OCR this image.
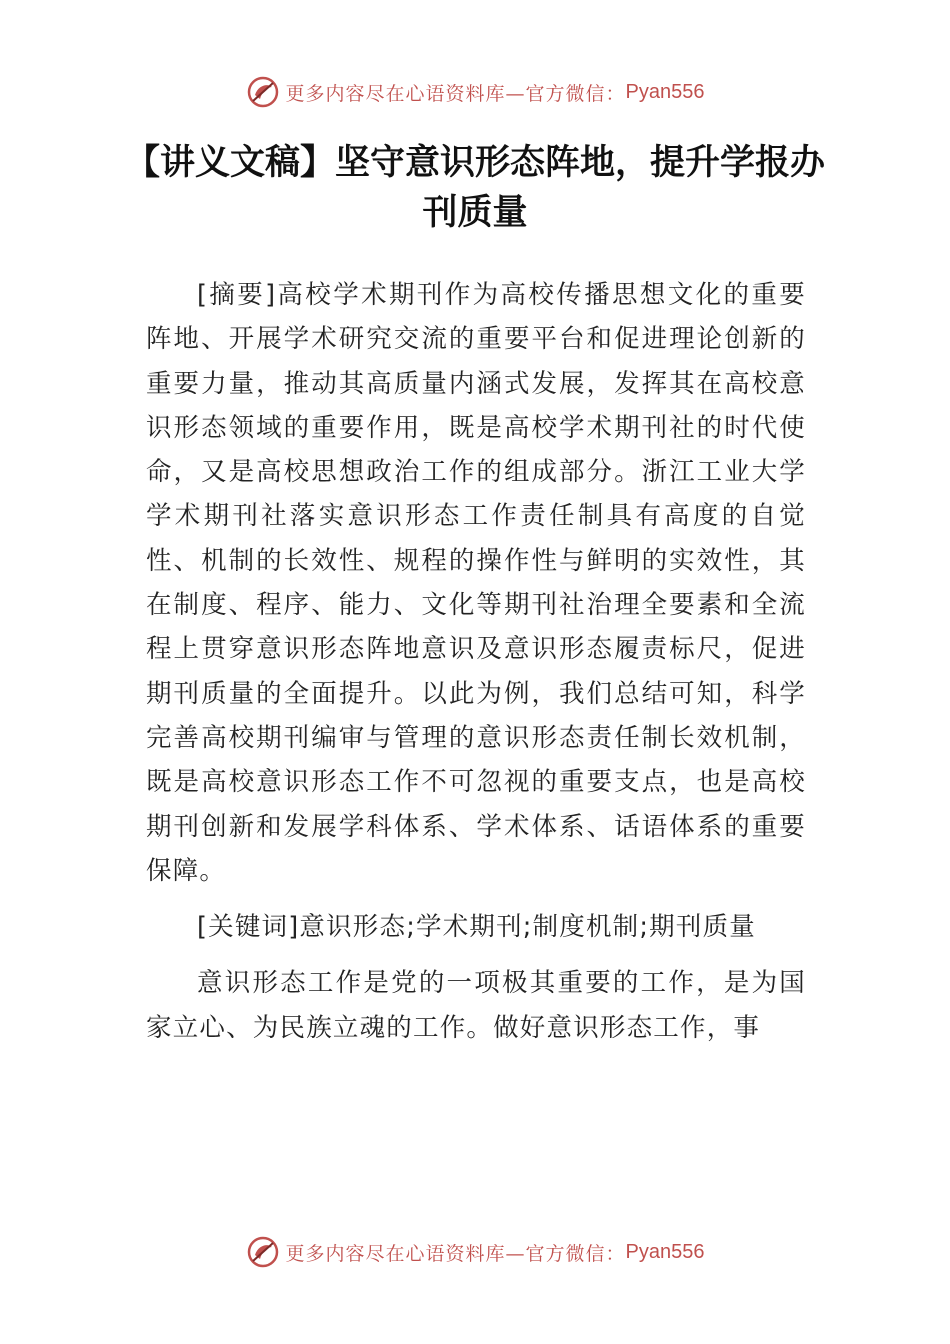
更多内容尽在心语资料库—官方微信： Pyan556
【讲义文稿】坚守意识形态阵地，提升学报办刊质量

[摘要]高校学术期刊作为高校传播思想文化的重要阵地、开展学术研究交流的重要平台和促进理论创新的重要力量，推动其高质量内涵式发展，发挥其在高校意识形态领域的重要作用，既是高校学术期刊社的时代使命，又是高校思想政治工作的组成部分。浙江工业大学学术期刊社落实意识形态工作责任制具有高度的自觉性、机制的长效性、规程的操作性与鲜明的实效性，其在制度、程序、能力、文化等期刊社治理全要素和全流程上贯穿意识形态阵地意识及意识形态履责标尺，促进期刊质量的全面提升。以此为例，我们总结可知，科学完善高校期刊编审与管理的意识形态责任制长效机制，既是高校意识形态工作不可忽视的重要支点，也是高校期刊创新和发展学科体系、学术体系、话语体系的重要保障。

[关键词]意识形态;学术期刊;制度机制;期刊质量

意识形态工作是党的一项极其重要的工作，是为国家立心、为民族立魂的工作。做好意识形态工作，事

更多内容尽在心语资料库—官方微信： Pyan556
